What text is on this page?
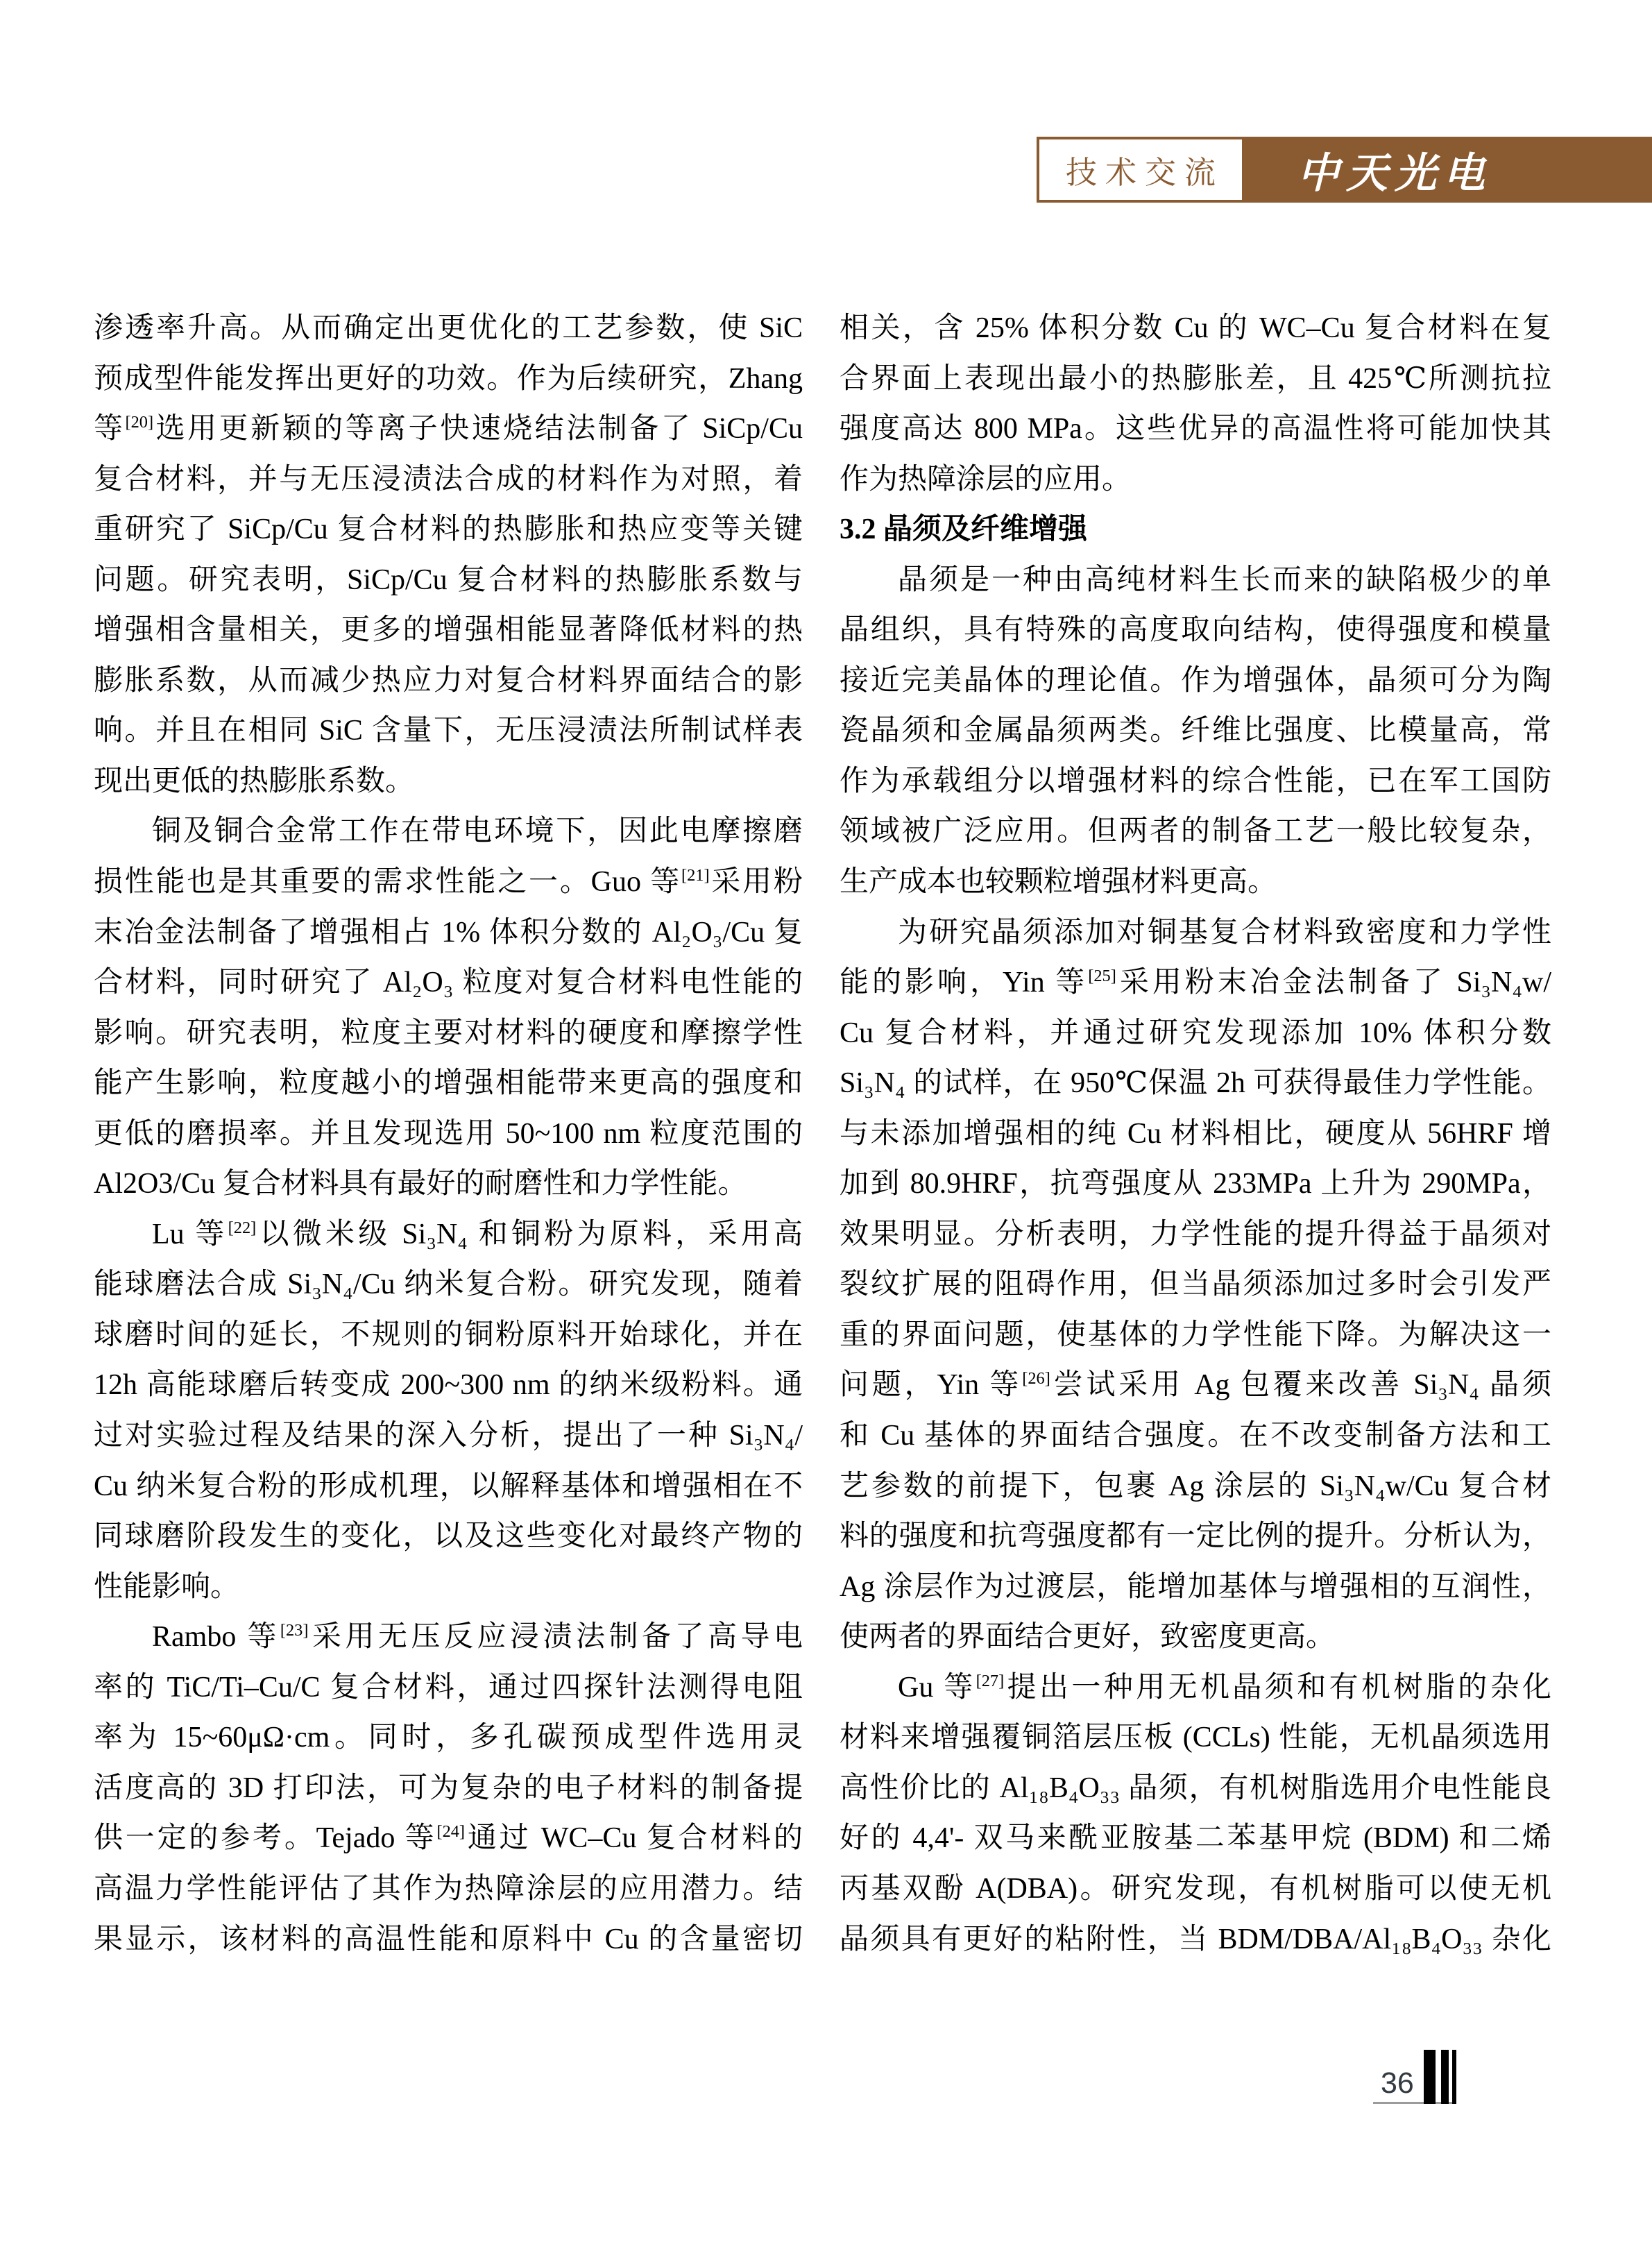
中天光电
技术交流
渗透率升高。从而确定出更优化的工艺参数，使 SiC
预成型件能发挥出更好的功效。作为后续研究，Zhang
等[20]选用更新颖的等离子快速烧结法制备了 SiCp/Cu
复合材料，并与无压浸渍法合成的材料作为对照，着
重研究了 SiCp/Cu 复合材料的热膨胀和热应变等关键
问题。研究表明，SiCp/Cu 复合材料的热膨胀系数与
增强相含量相关，更多的增强相能显著降低材料的热
膨胀系数，从而减少热应力对复合材料界面结合的影
响。并且在相同 SiC 含量下，无压浸渍法所制试样表
现出更低的热膨胀系数。
铜及铜合金常工作在带电环境下，因此电摩擦磨
损性能也是其重要的需求性能之一。Guo 等[21]采用粉
末冶金法制备了增强相占 1% 体积分数的 Al₂O₃/Cu 复
合材料，同时研究了 Al₂O₃ 粒度对复合材料电性能的
影响。研究表明，粒度主要对材料的硬度和摩擦学性
能产生影响，粒度越小的增强相能带来更高的强度和
更低的磨损率。并且发现选用 50~100 nm 粒度范围的
Al2O3/Cu 复合材料具有最好的耐磨性和力学性能。
Lu 等[22]以微米级 Si₃N₄ 和铜粉为原料，采用高
能球磨法合成 Si₃N₄/Cu 纳米复合粉。研究发现，随着
球磨时间的延长，不规则的铜粉原料开始球化，并在
12h 高能球磨后转变成 200~300 nm 的纳米级粉料。通
过对实验过程及结果的深入分析，提出了一种 Si₃N₄/
Cu 纳米复合粉的形成机理，以解释基体和增强相在不
同球磨阶段发生的变化，以及这些变化对最终产物的
性能影响。
Rambo 等[23]采用无压反应浸渍法制备了高导电
率的 TiC/Ti–Cu/C 复合材料，通过四探针法测得电阻
率为 15~60μΩ·cm。同时，多孔碳预成型件选用灵
活度高的 3D 打印法，可为复杂的电子材料的制备提
供一定的参考。Tejado 等[24]通过 WC–Cu 复合材料的
高温力学性能评估了其作为热障涂层的应用潜力。结
果显示，该材料的高温性能和原料中 Cu 的含量密切
相关，含 25% 体积分数 Cu 的 WC–Cu 复合材料在复
合界面上表现出最小的热膨胀差，且 425℃所测抗拉
强度高达 800 MPa。这些优异的高温性将可能加快其
作为热障涂层的应用。
3.2 晶须及纤维增强
晶须是一种由高纯材料生长而来的缺陷极少的单
晶组织，具有特殊的高度取向结构，使得强度和模量
接近完美晶体的理论值。作为增强体，晶须可分为陶
瓷晶须和金属晶须两类。纤维比强度、比模量高，常
作为承载组分以增强材料的综合性能，已在军工国防
领域被广泛应用。但两者的制备工艺一般比较复杂，
生产成本也较颗粒增强材料更高。
为研究晶须添加对铜基复合材料致密度和力学性
能的影响，Yin 等[25]采用粉末冶金法制备了 Si₃N₄w/
Cu 复合材料，并通过研究发现添加 10% 体积分数
Si₃N₄ 的试样，在 950℃保温 2h 可获得最佳力学性能。
与未添加增强相的纯 Cu 材料相比，硬度从 56HRF 增
加到 80.9HRF，抗弯强度从 233MPa 上升为 290MPa，
效果明显。分析表明，力学性能的提升得益于晶须对
裂纹扩展的阻碍作用，但当晶须添加过多时会引发严
重的界面问题，使基体的力学性能下降。为解决这一
问题，Yin 等[26]尝试采用 Ag 包覆来改善 Si₃N₄ 晶须
和 Cu 基体的界面结合强度。在不改变制备方法和工
艺参数的前提下，包裹 Ag 涂层的 Si₃N₄w/Cu 复合材
料的强度和抗弯强度都有一定比例的提升。分析认为，
Ag 涂层作为过渡层，能增加基体与增强相的互润性，
使两者的界面结合更好，致密度更高。
Gu 等[27]提出一种用无机晶须和有机树脂的杂化
材料来增强覆铜箔层压板 (CCLs) 性能，无机晶须选用
高性价比的 Al₁₈B₄O₃₃ 晶须，有机树脂选用介电性能良
好的 4,4'- 双马来酰亚胺基二苯基甲烷 (BDM) 和二烯
丙基双酚 A(DBA)。研究发现，有机树脂可以使无机
晶须具有更好的粘附性，当 BDM/DBA/Al₁₈B₄O₃₃ 杂化
36
